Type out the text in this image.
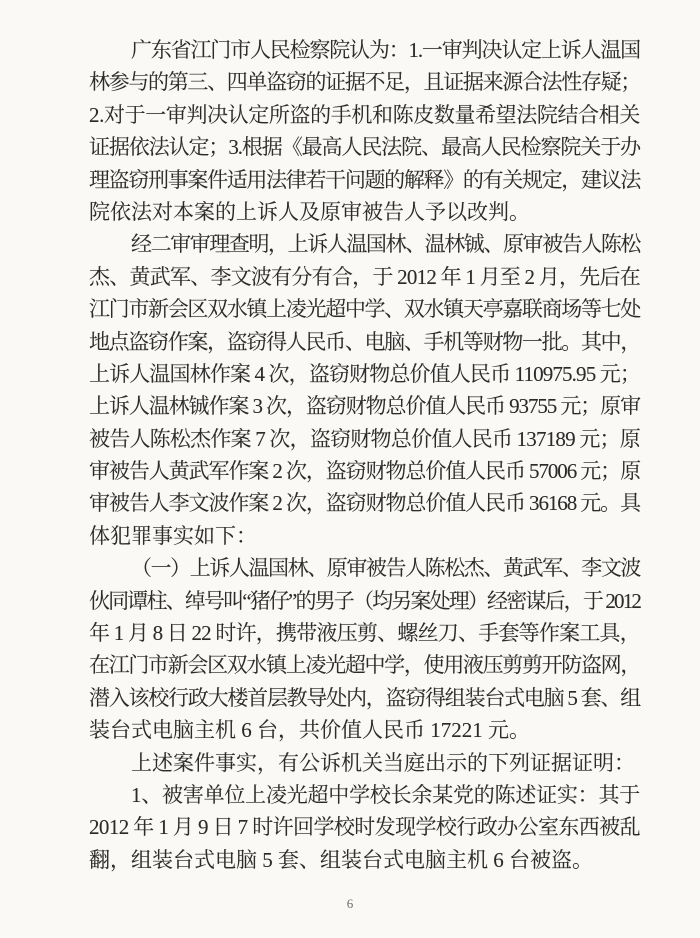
广东省江门市人民检察院认为：1.一审判决认定上诉人温国
林参与的第三、四单盗窃的证据不足，且证据来源合法性存疑；
2.对于一审判决认定所盗的手机和陈皮数量希望法院结合相关
证据依法认定；3.根据《最高人民法院、最高人民检察院关于办
理盗窃刑事案件适用法律若干问题的解释》的有关规定，建议法
院依法对本案的上诉人及原审被告人予以改判。
经二审审理查明，上诉人温国林、温林铖、原审被告人陈松
杰、黄武军、李文波有分有合，于 2012 年 1 月至 2 月，先后在
江门市新会区双水镇上凌光超中学、双水镇天亭嘉联商场等七处
地点盗窃作案，盗窃得人民币、电脑、手机等财物一批。其中，
上诉人温国林作案 4 次，盗窃财物总价值人民币 110975.95 元；
上诉人温林铖作案 3 次，盗窃财物总价值人民币 93755 元；原审
被告人陈松杰作案 7 次，盗窃财物总价值人民币 137189 元；原
审被告人黄武军作案 2 次，盗窃财物总价值人民币 57006 元；原
审被告人李文波作案 2 次，盗窃财物总价值人民币 36168 元。具
体犯罪事实如下：
（一）上诉人温国林、原审被告人陈松杰、黄武军、李文波
伙同谭柱、绰号叫“猪仔”的男子（均另案处理）经密谋后，于 2012
年 1 月 8 日 22 时许，携带液压剪、螺丝刀、手套等作案工具，
在江门市新会区双水镇上凌光超中学，使用液压剪剪开防盗网，
潜入该校行政大楼首层教导处内，盗窃得组装台式电脑 5 套、组
装台式电脑主机 6 台，共价值人民币 17221 元。
上述案件事实，有公诉机关当庭出示的下列证据证明：
1、被害单位上凌光超中学校长余某党的陈述证实：其于
2012 年 1 月 9 日 7 时许回学校时发现学校行政办公室东西被乱
翻，组装台式电脑 5 套、组装台式电脑主机 6 台被盗。
6
